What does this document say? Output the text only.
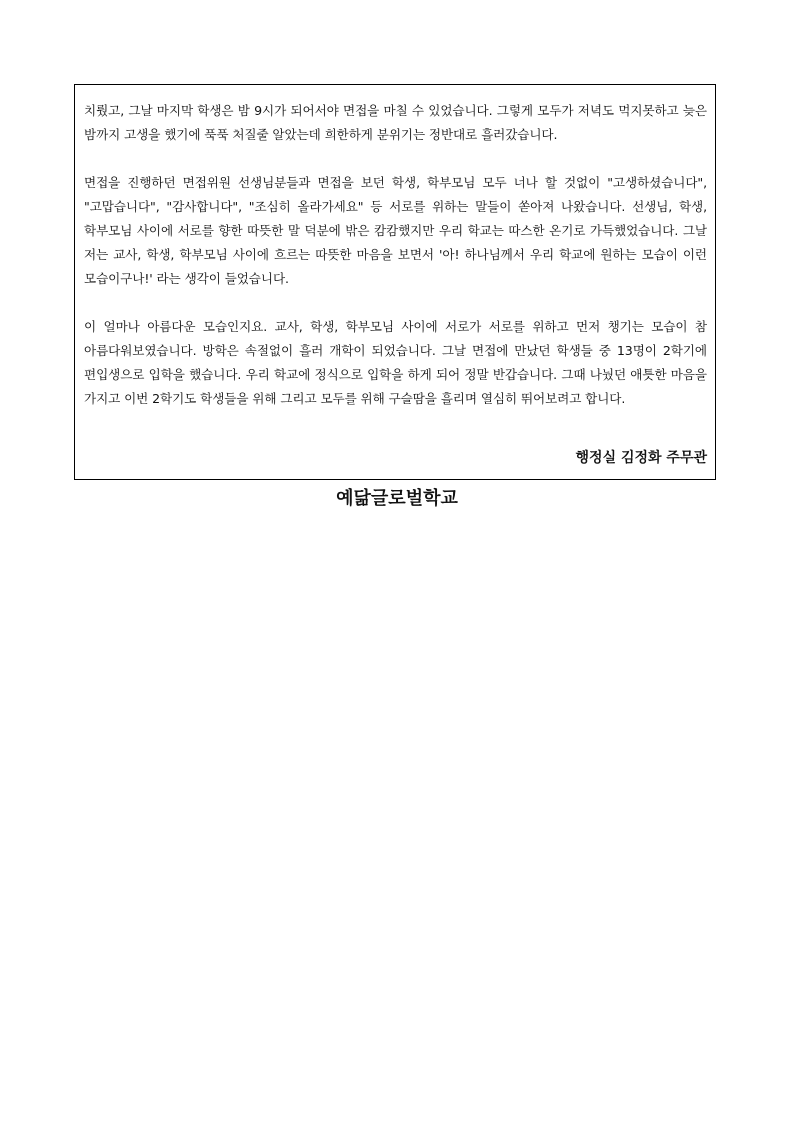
치뤘고, 그날 마지막 학생은 밤 9시가 되어서야 면접을 마칠 수 있었습니다. 그렇게 모두가 저녁도 먹지못하고 늦은 밤까지 고생을 했기에 푹푹 처질줄 알았는데 희한하게 분위기는 정반대로 흘러갔습니다.

면접을 진행하던 면접위원 선생님분들과 면접을 보던 학생, 학부모님 모두 너나 할 것없이 "고생하셨습니다", "고맙습니다", "감사합니다", "조심히 올라가세요" 등 서로를 위하는 말들이 쏟아져 나왔습니다. 선생님, 학생, 학부모님 사이에 서로를 향한 따뜻한 말 덕분에 밖은 캄캄했지만 우리 학교는 따스한 온기로 가득했었습니다. 그날 저는 교사, 학생, 학부모님 사이에 흐르는 따뜻한 마음을 보면서 '아! 하나님께서 우리 학교에 원하는 모습이 이런 모습이구나!' 라는 생각이 들었습니다.

이 얼마나 아름다운 모습인지요. 교사, 학생, 학부모님 사이에 서로가 서로를 위하고 먼저 챙기는 모습이 참 아름다워보였습니다. 방학은 속절없이 흘러 개학이 되었습니다. 그날 면접에 만났던 학생들 중 13명이 2학기에 편입생으로 입학을 했습니다. 우리 학교에 정식으로 입학을 하게 되어 정말 반갑습니다. 그때 나눴던 애틋한 마음을 가지고 이번 2학기도 학생들을 위해 그리고 모두를 위해 구슬땀을 흘리며 열심히 뛰어보려고 합니다.

행정실 김정화 주무관
예닮글로벌학교
